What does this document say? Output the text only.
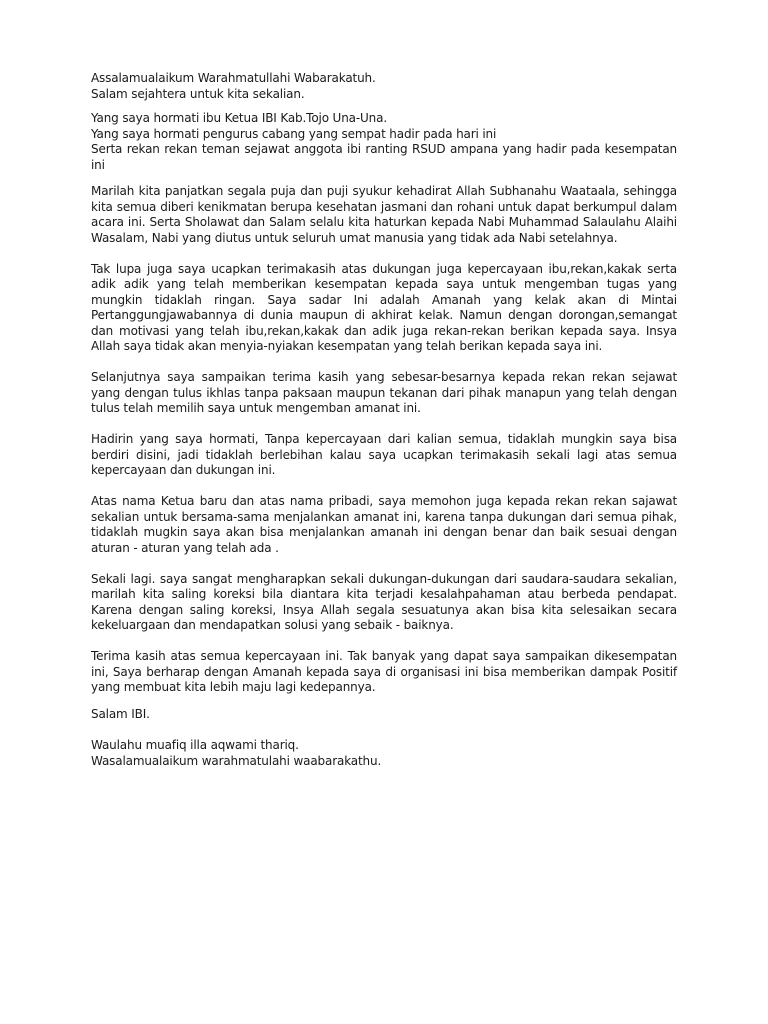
Assalamualaikum Warahmatullahi Wabarakatuh.

Salam sejahtera untuk kita sekalian.

Yang saya hormati ibu Ketua IBI Kab.Tojo Una-Una.

Yang saya hormati pengurus cabang yang sempat hadir pada hari ini

Serta rekan rekan teman sejawat anggota ibi ranting RSUD ampana yang hadir pada kesempatan ini

Marilah kita panjatkan segala puja dan puji syukur kehadirat Allah Subhanahu Waataala, sehingga kita semua diberi kenikmatan berupa kesehatan jasmani dan rohani untuk dapat berkumpul dalam acara ini. Serta Sholawat dan Salam selalu kita haturkan kepada Nabi Muhammad Salaulahu Alaihi Wasalam, Nabi yang diutus untuk seluruh umat manusia yang tidak ada Nabi setelahnya.

Tak lupa juga saya ucapkan terimakasih atas dukungan juga kepercayaan ibu,rekan,kakak serta adik adik yang telah memberikan kesempatan kepada saya untuk mengemban tugas yang mungkin tidaklah ringan. Saya sadar Ini adalah Amanah yang kelak akan di Mintai Pertanggungjawabannya di dunia maupun di akhirat kelak. Namun dengan dorongan,semangat dan motivasi yang telah ibu,rekan,kakak dan adik juga rekan-rekan berikan kepada saya. Insya Allah saya tidak akan menyia-nyiakan kesempatan yang telah berikan kepada saya ini.

Selanjutnya saya sampaikan terima kasih yang sebesar-besarnya kepada rekan rekan sejawat yang dengan tulus ikhlas tanpa paksaan maupun tekanan dari pihak manapun yang telah dengan tulus telah memilih saya untuk mengemban amanat ini.

Hadirin yang saya hormati, Tanpa kepercayaan dari kalian semua, tidaklah mungkin saya bisa berdiri disini, jadi tidaklah berlebihan kalau saya ucapkan terimakasih sekali lagi atas semua kepercayaan dan dukungan ini.

Atas nama Ketua baru dan atas nama pribadi, saya memohon juga kepada rekan rekan sajawat sekalian untuk bersama-sama menjalankan amanat ini, karena tanpa dukungan dari semua pihak, tidaklah mugkin saya akan bisa menjalankan amanah ini dengan benar dan baik sesuai dengan aturan - aturan yang telah ada .

Sekali lagi. saya sangat mengharapkan sekali dukungan-dukungan dari saudara-saudara sekalian, marilah kita saling koreksi bila diantara kita terjadi kesalahpahaman atau berbeda pendapat. Karena dengan saling koreksi, Insya Allah segala sesuatunya akan bisa kita selesaikan secara kekeluargaan dan mendapatkan solusi yang sebaik - baiknya.

Terima kasih atas semua kepercayaan ini. Tak banyak yang dapat saya sampaikan dikesempatan ini, Saya berharap dengan Amanah kepada saya di organisasi ini bisa memberikan dampak Positif yang membuat kita lebih maju lagi kedepannya.

Salam IBI.

Waulahu muafiq illa aqwami thariq.

Wasalamualaikum warahmatulahi waabarakathu.
